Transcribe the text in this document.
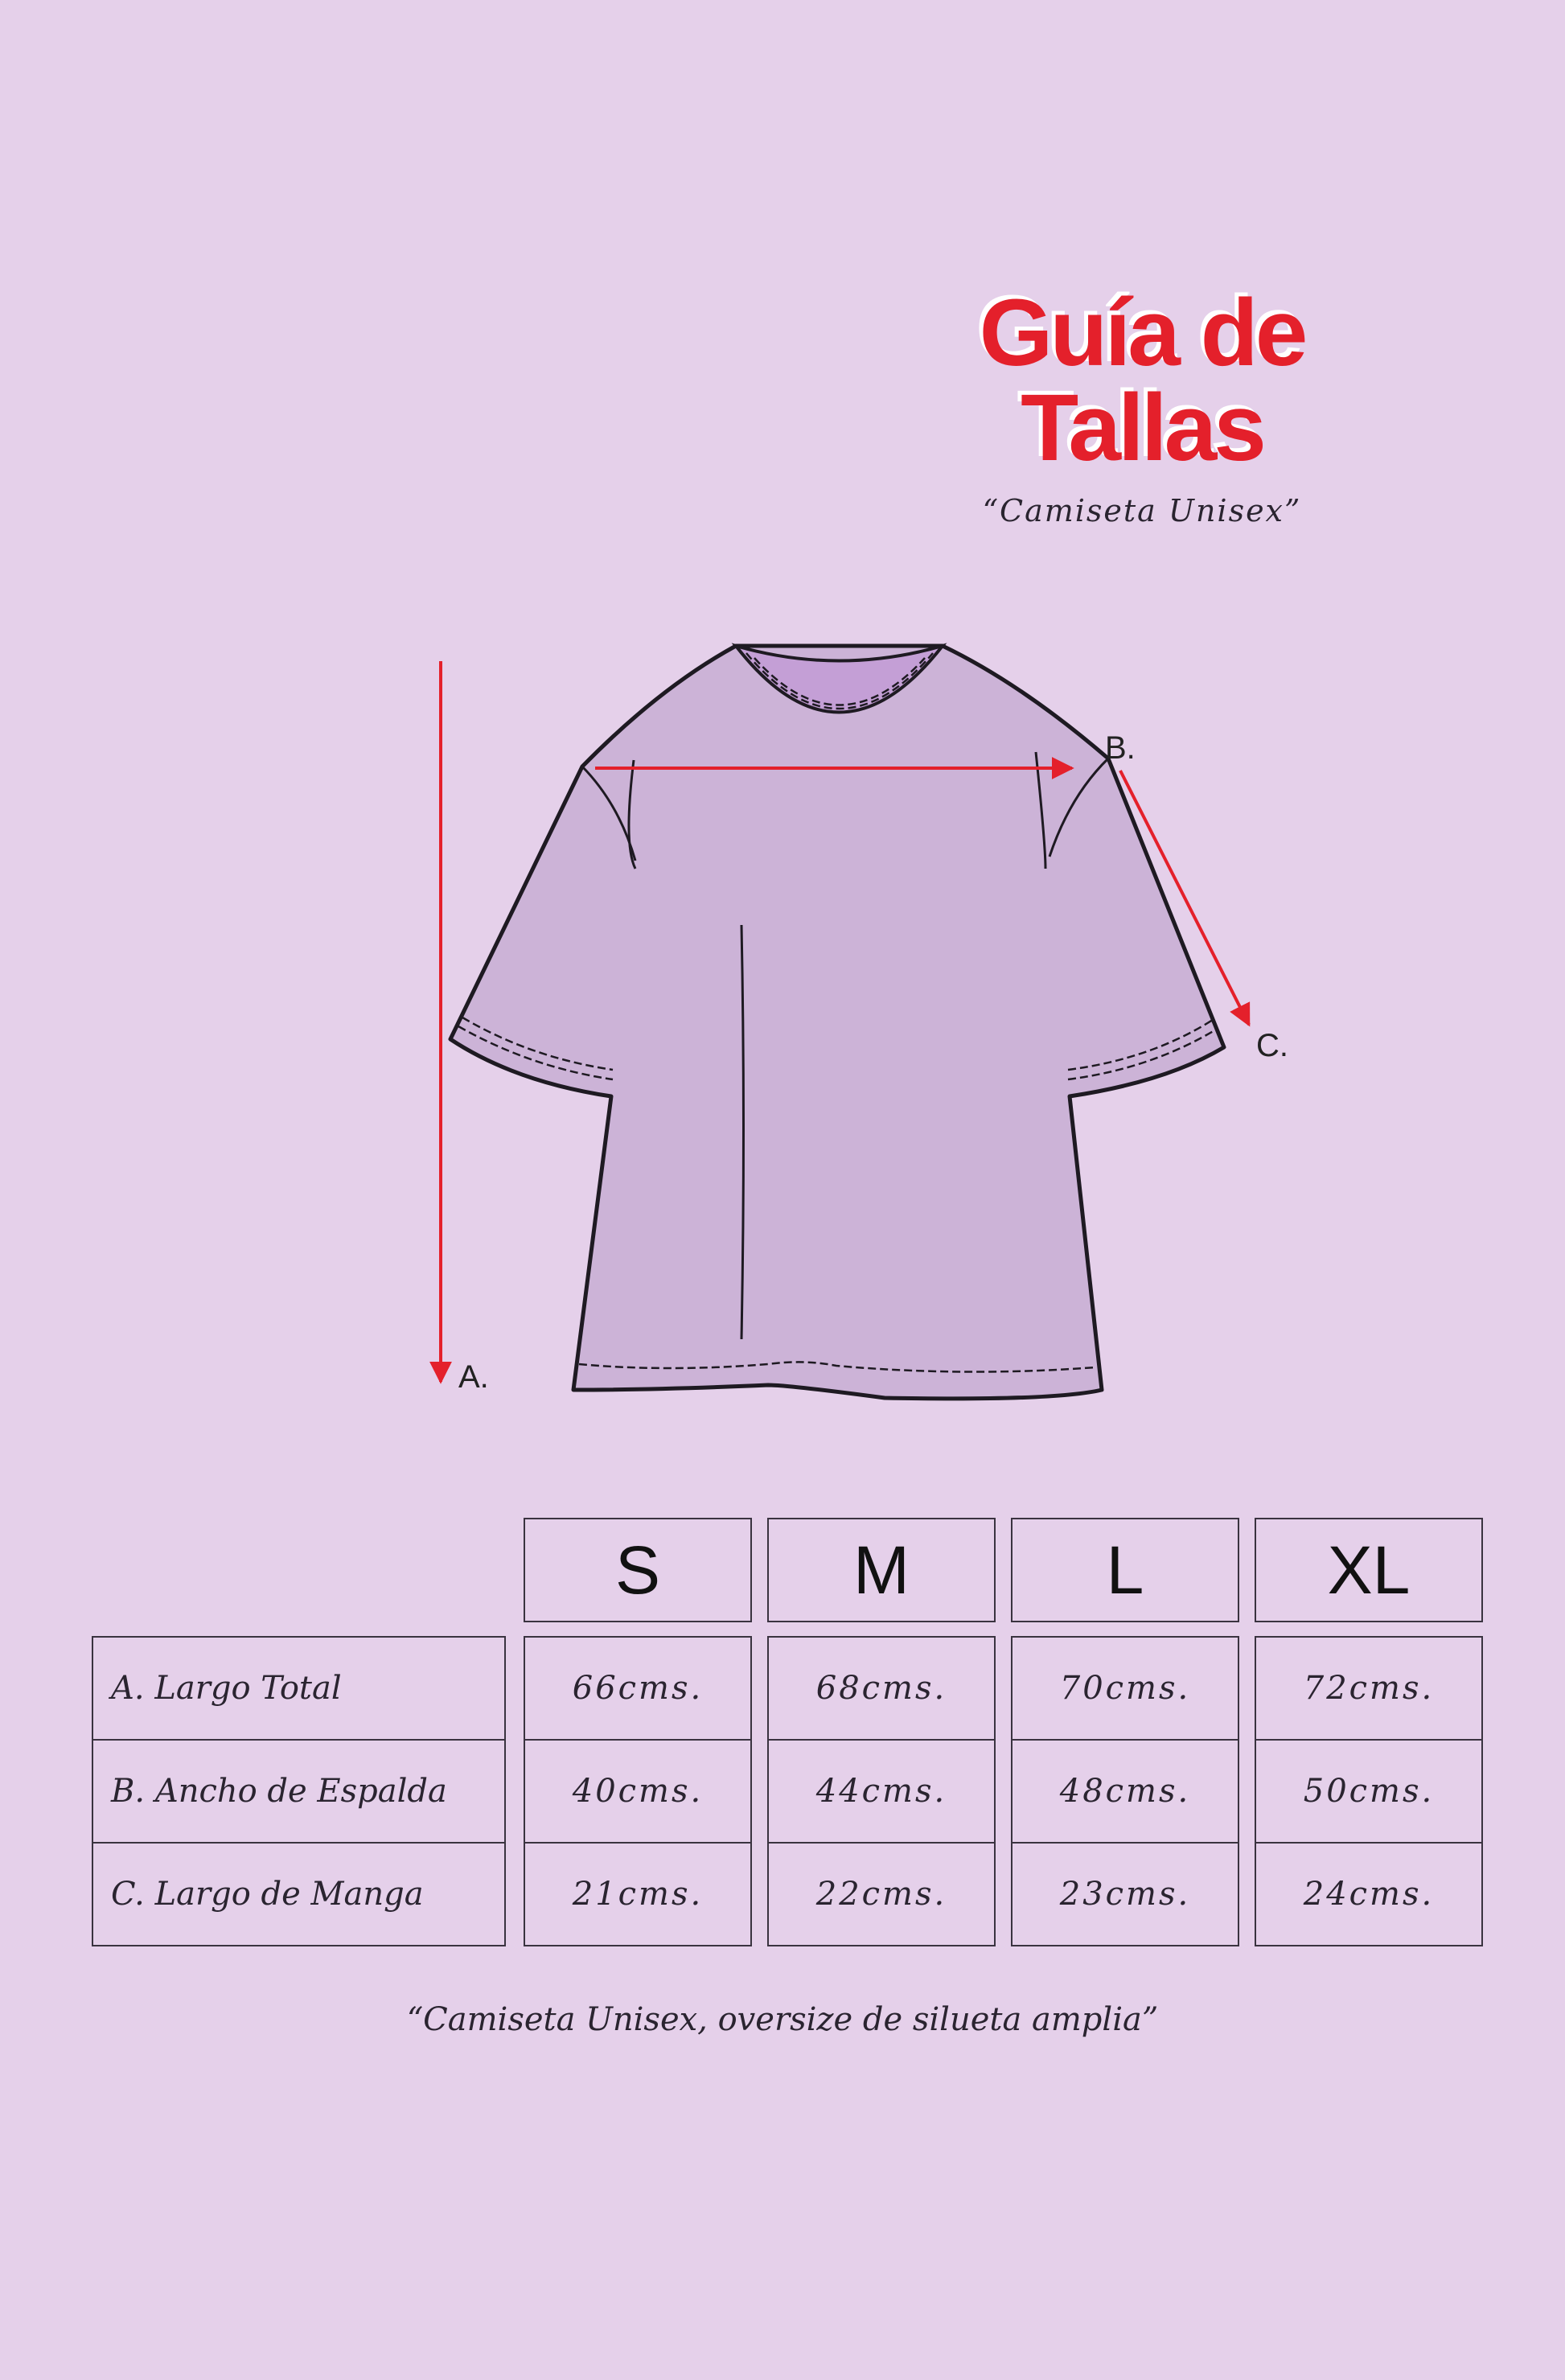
Guía de Tallas
“Camiseta Unisex”
A.
B.
C.
S	M	L	XL
A. Largo Total	66cms.	68cms.	70cms.	72cms.
B. Ancho de Espalda	40cms.	44cms.	48cms.	50cms.
C. Largo de Manga	21cms.	22cms.	23cms.	24cms.
“Camiseta Unisex, oversize de silueta amplia”
